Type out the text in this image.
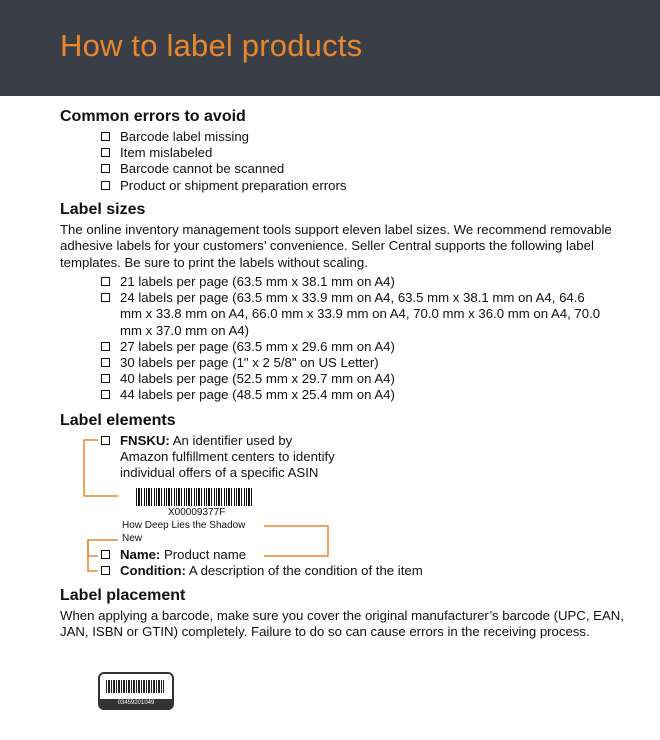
How to label products
Common errors to avoid
Barcode label missing
Item mislabeled
Barcode cannot be scanned
Product or shipment preparation errors
Label sizes
The online inventory management tools support eleven label sizes. We recommend removable adhesive labels for your customers’ convenience. Seller Central supports the following label templates. Be sure to print the labels without scaling.
21 labels per page (63.5 mm x 38.1 mm on A4)
24 labels per page (63.5 mm x 33.9 mm on A4, 63.5 mm x 38.1 mm on A4, 64.6 mm x 33.8 mm on A4, 66.0 mm x 33.9 mm on A4, 70.0 mm x 36.0 mm on A4, 70.0 mm x 37.0 mm on A4)
27 labels per page (63.5 mm x 29.6 mm on A4)
30 labels per page (1" x 2 5/8" on US Letter)
40 labels per page (52.5 mm x 29.7 mm on A4)
44 labels per page (48.5 mm x 25.4 mm on A4)
Label elements
FNSKU: An identifier used by Amazon fulfillment centers to identify individual offers of a specific ASIN
X00009377F
How Deep Lies the Shadow
New
Name: Product name
Condition: A description of the condition of the item
Label placement
When applying a barcode, make sure you cover the original manufacturer’s barcode (UPC, EAN, JAN, ISBN or GTIN) completely. Failure to do so can cause errors in the receiving process.
03459201049
